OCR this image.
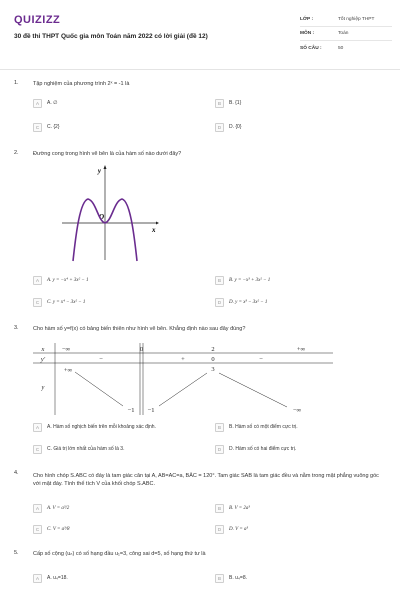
QUIZIZZ
30 đề thi THPT Quốc gia môn Toán năm 2022 có lời giải (đề 12)
LỚP :	Tốt nghiệp THPT
MÔN :	Toán
SỐ CÂU :	50
1.	Tập nghiệm của phương trình 2ˣ = -1 là
A	A. ∅	B	B. {1}
C	C. {2}	D	D. {0}
2.	Đường cong trong hình vẽ bên là của hàm số nào dưới đây?
y
x
O
A	A. y = −x⁴ + 3x² − 1	B	B. y = −x³ + 3x² − 1
C	C. y = x⁴ − 3x² − 1	D	D. y = x³ − 3x² − 1
3.	Cho hàm số y=f(x) có bảng biến thiên như hình vẽ bên. Khẳng định nào sau đây đúng?
x
y'
y
−∞	0	2	+∞
−	+	0	−
+∞
−1 −1
3
−∞
A	A. Hàm số nghịch biến trên mỗi khoảng xác định.	B	B. Hàm số có một điểm cực trị.
C	C. Giá trị lớn nhất của hàm số là 3.	D	D. Hàm số có hai điểm cực trị.
4.	Cho hình chóp S.ABC có đáy là tam giác cân tại A, AB=AC=a, BÂC = 120°. Tam giác SAB là tam giác đều và nằm trong mặt phẳng vuông góc với mặt đáy. Tính thể tích V của khối chóp S.ABC.
A	A. V = a³/2	B	B. V = 2a³
C	C. V = a³/8	D	D. V = a³
5.	Cấp số cộng (uₙ) có số hạng đầu u₁=3, công sai d=5, số hạng thứ tư là
A	A. u₄=18.	B	B. u₄=8.
